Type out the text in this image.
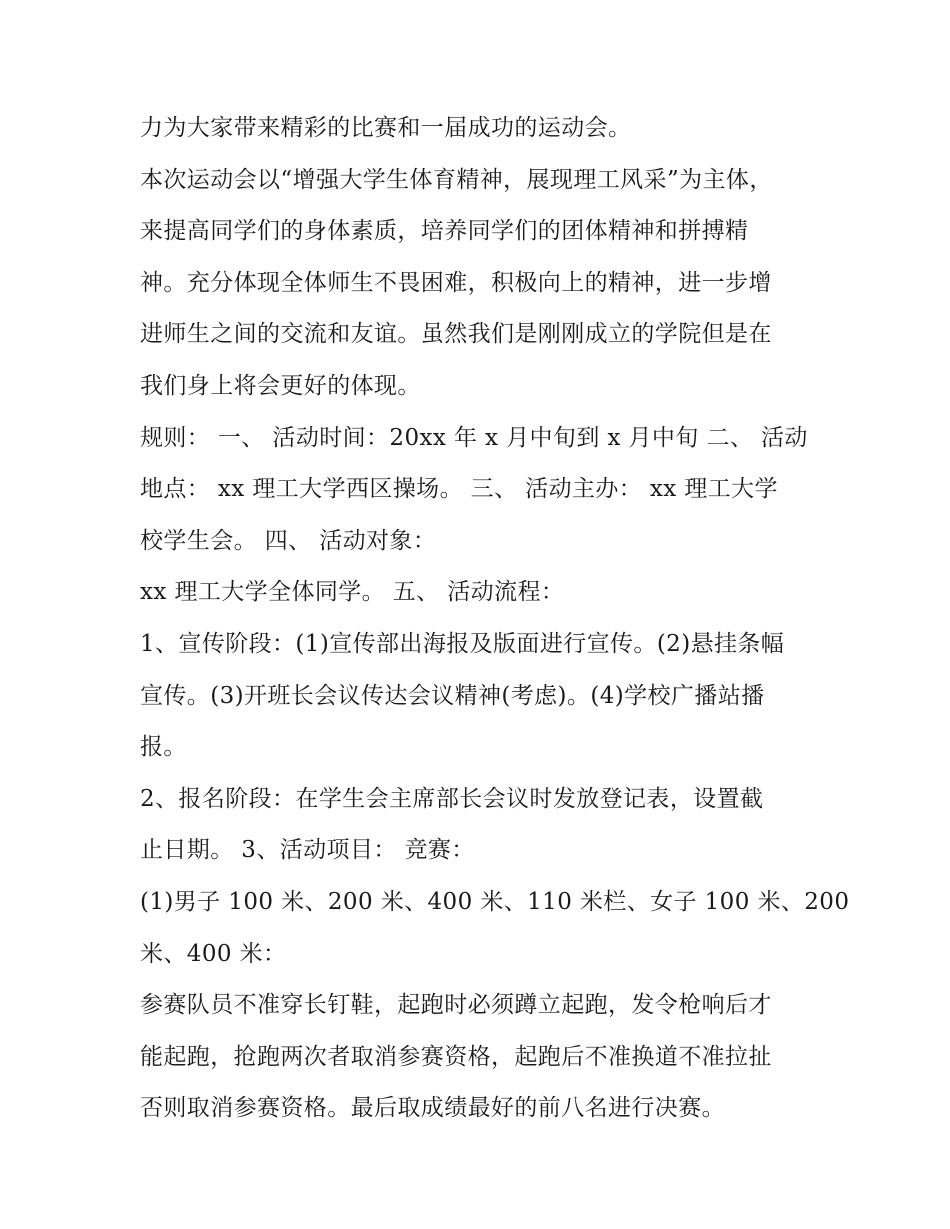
力为大家带来精彩的比赛和一届成功的运动会。
本次运动会以“增强大学生体育精神，展现理工风采”为主体，
来提高同学们的身体素质，培养同学们的团体精神和拼搏精
神。充分体现全体师生不畏困难，积极向上的精神，进一步增
进师生之间的交流和友谊。虽然我们是刚刚成立的学院但是在
我们身上将会更好的体现。
规则： 一、 活动时间：20xx 年 x 月中旬到 x 月中旬 二、 活动
地点： xx 理工大学西区操场。 三、 活动主办： xx 理工大学
校学生会。 四、 活动对象：
xx 理工大学全体同学。 五、 活动流程：
1、宣传阶段：(1)宣传部出海报及版面进行宣传。(2)悬挂条幅
宣传。(3)开班长会议传达会议精神(考虑)。(4)学校广播站播
报。
2、报名阶段：在学生会主席部长会议时发放登记表，设置截
止日期。 3、活动项目： 竞赛：
(1)男子 100 米、200 米、400 米、110 米栏、女子 100 米、200
米、400 米：
参赛队员不准穿长钉鞋，起跑时必须蹲立起跑，发令枪响后才
能起跑，抢跑两次者取消参赛资格，起跑后不准换道不准拉扯
否则取消参赛资格。最后取成绩最好的前八名进行决赛。
